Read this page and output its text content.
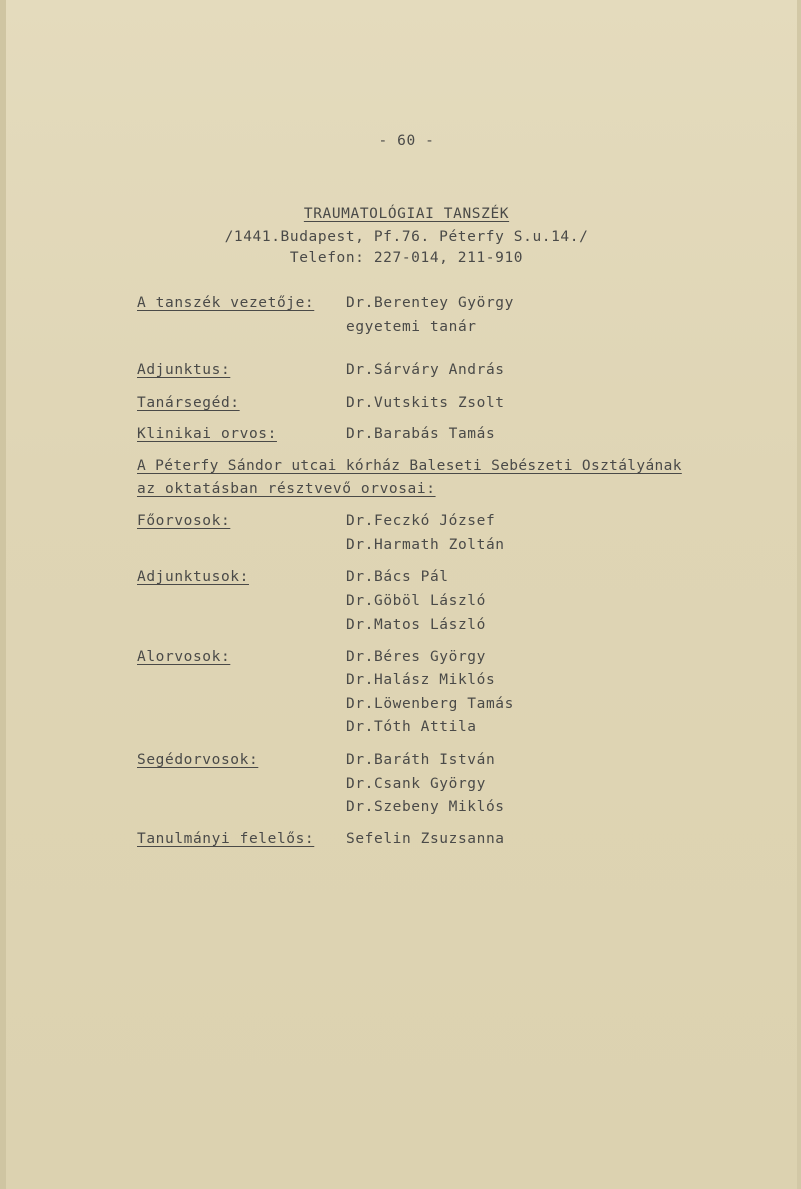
- 60 -
TRAUMATOLÓGIAI TANSZÉK
/1441.Budapest, Pf.76. Péterfy S.u.14./
Telefon: 227-014, 211-910
A tanszék vezetője: Dr.Berentey György
egyetemi tanár
Adjunktus:	Dr.Sárváry András
Tanársegéd:	Dr.Vutskits Zsolt
Klinikai orvos:	Dr.Barabás Tamás
A Péterfy Sándor utcai kórház Baleseti Sebészeti Osztályának
az oktatásban résztvevő orvosai:
Főorvosok:	Dr.Feczkó József
Dr.Harmath Zoltán
Adjunktusok:	Dr.Bács Pál
Dr.Göböl László
Dr.Matos László
Alorvosok:	Dr.Béres György
Dr.Halász Miklós
Dr.Löwenberg Tamás
Dr.Tóth Attila
Segédorvosok:	Dr.Baráth István
Dr.Csank György
Dr.Szebeny Miklós
Tanulmányi felelős: Sefelin Zsuzsanna
